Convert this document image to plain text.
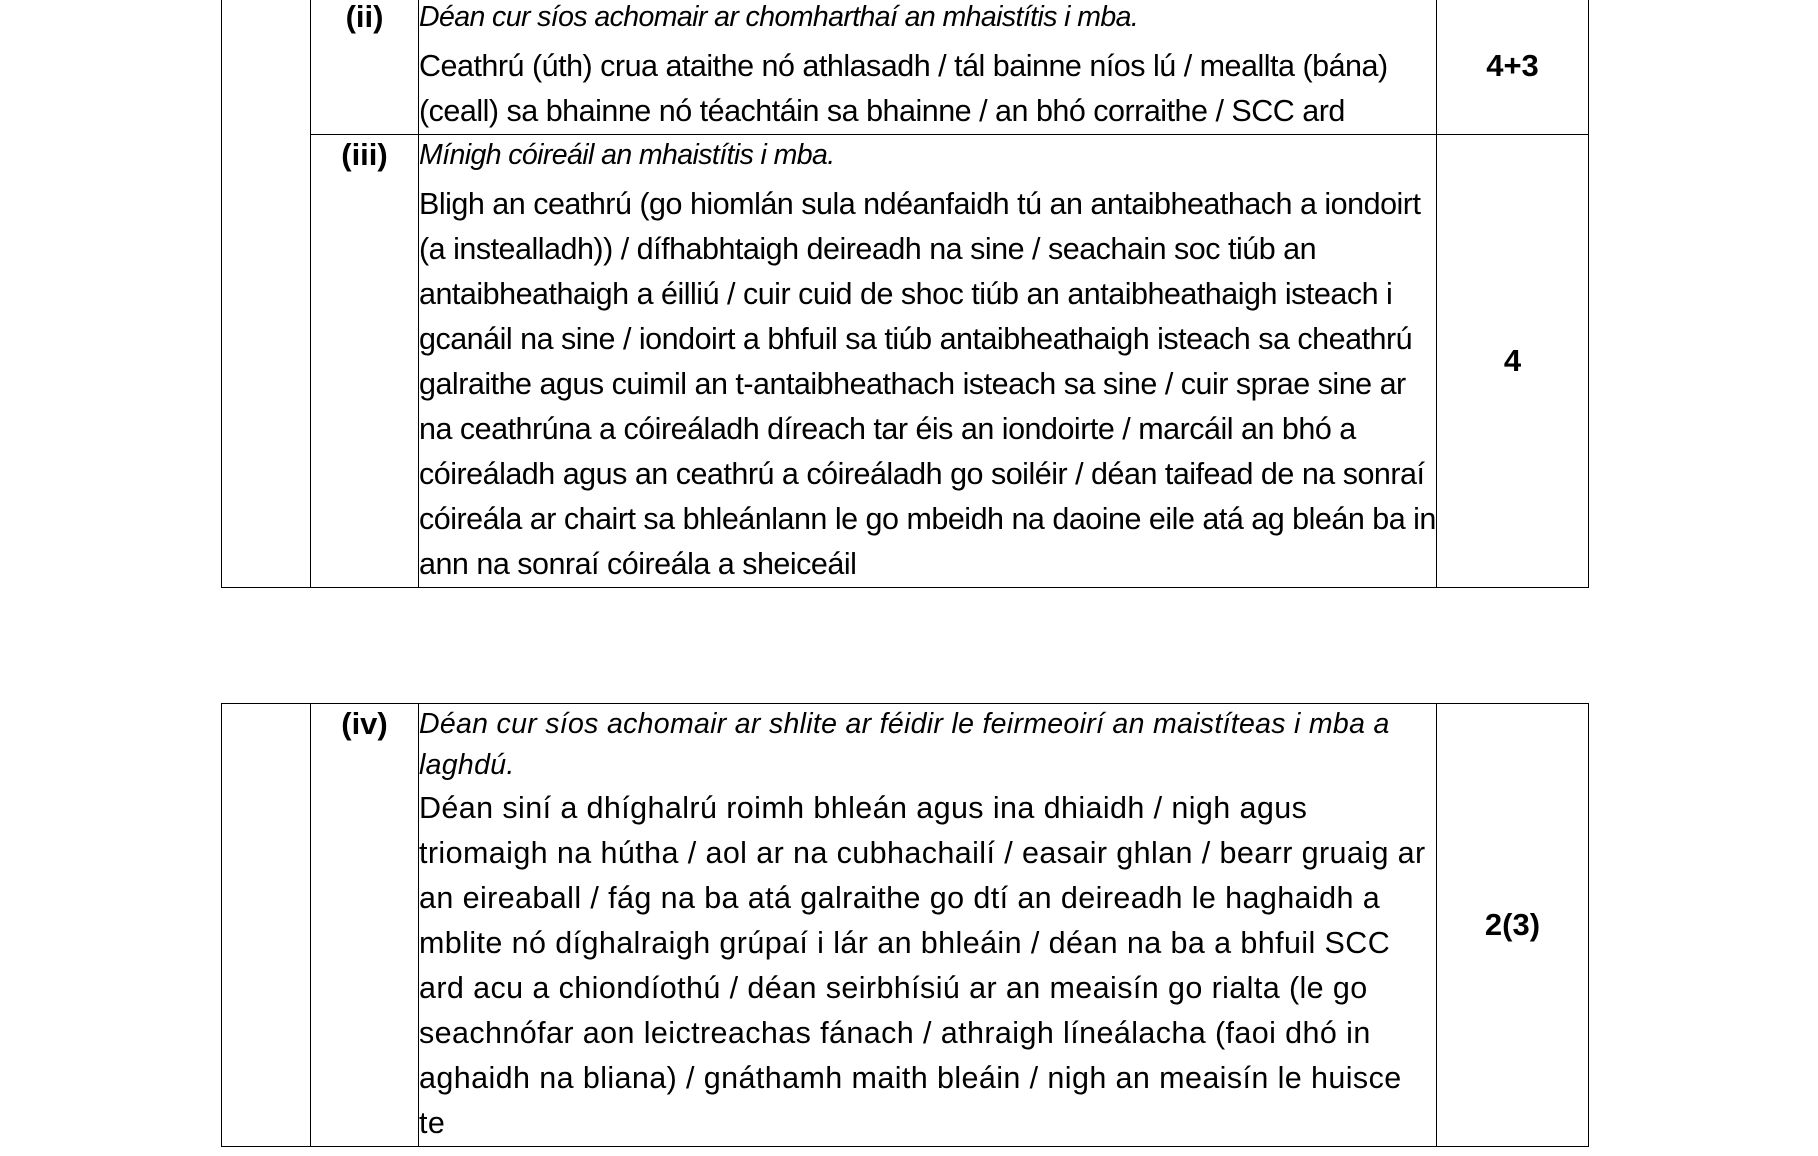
	(ii)	Déan cur síos achomair ar chomharthaí an mhaistítis i mba.
Ceathrú (úth) crua ataithe nó athlasadh / tál bainne níos lú / meallta (bána) (ceall) sa bhainne nó téachtáin sa bhainne / an bhó corraithe / SCC ard	4+3
	(iii)	Mínigh cóireáil an mhaistítis i mba.
Bligh an ceathrú (go hiomlán sula ndéanfaidh tú an antaibheathach a iondoirt (a instealladh)) / dífhabhtaigh deireadh na sine / seachain soc tiúb an antaibheathaigh a éilliú / cuir cuid de shoc tiúb an antaibheathaigh isteach i gcanáil na sine / iondoirt a bhfuil sa tiúb antaibheathaigh isteach sa cheathrú galraithe agus cuimil an t-antaibheathach isteach sa sine / cuir sprae sine ar na ceathrúna a cóireáladh díreach tar éis an iondoirte / marcáil an bhó a cóireáladh agus an ceathrú a cóireáladh go soiléir / déan taifead de na sonraí cóireála ar chairt sa bhleánlann le go mbeidh na daoine eile atá ag bleán ba in ann na sonraí cóireála a sheiceáil	4
	(iv)	Déan cur síos achomair ar shlite ar féidir le feirmeoirí an maistíteas i mba a laghdú.
Déan siní a dhíghalrú roimh bhleán agus ina dhiaidh / nigh agus triomaigh na hútha / aol ar na cubhachailí / easair ghlan / bearr gruaig ar an eireaball / fág na ba atá galraithe go dtí an deireadh le haghaidh a mblite nó díghalraigh grúpaí i lár an bhleáin / déan na ba a bhfuil SCC ard acu a chiondíothú / déan seirbhísiú ar an meaisín go rialta (le go seachnófar aon leictreachas fánach / athraigh líneálacha (faoi dhó in aghaidh na bliana) / gnáthamh maith bleáin / nigh an meaisín le huisce te
	2(3)
